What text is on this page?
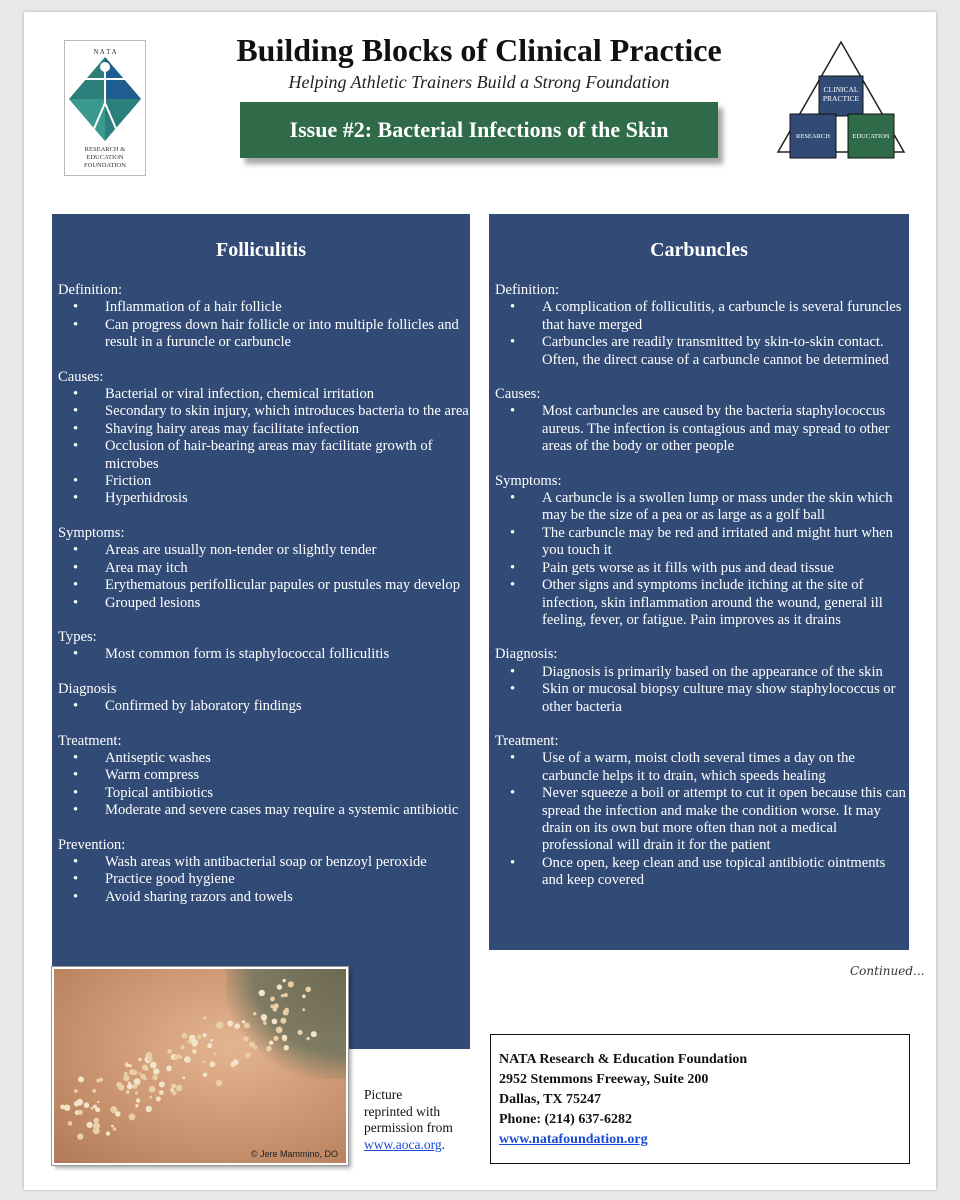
N A T A
RESEARCH &
EDUCATION
FOUNDATION
Building Blocks of Clinical Practice
Helping Athletic Trainers Build a Strong Foundation
Issue #2: Bacterial Infections of the Skin
CLINICAL
PRACTICE
RESEARCH	EDUCATION
Folliculitis
Definition:
• Inflammation of a hair follicle
• Can progress down hair follicle or into multiple follicles and result in a furuncle or carbuncle
Causes:
• Bacterial or viral infection, chemical irritation
• Secondary to skin injury, which introduces bacteria to the area
• Shaving hairy areas may facilitate infection
• Occlusion of hair-bearing areas may facilitate growth of microbes
• Friction
• Hyperhidrosis
Symptoms:
• Areas are usually non-tender or slightly tender
• Area may itch
• Erythematous perifollicular papules or pustules may develop
• Grouped lesions
Types:
• Most common form is staphylococcal folliculitis
Diagnosis
• Confirmed by laboratory findings
Treatment:
• Antiseptic washes
• Warm compress
• Topical antibiotics
• Moderate and severe cases may require a systemic antibiotic
Prevention:
• Wash areas with antibacterial soap or benzoyl peroxide
• Practice good hygiene
• Avoid sharing razors and towels
Carbuncles
Definition:
• A complication of folliculitis, a carbuncle is several furuncles that have merged
• Carbuncles are readily transmitted by skin-to-skin contact. Often, the direct cause of a carbuncle cannot be determined
Causes:
• Most carbuncles are caused by the bacteria staphylococcus aureus. The infection is contagious and may spread to other areas of the body or other people
Symptoms:
• A carbuncle is a swollen lump or mass under the skin which may be the size of a pea or as large as a golf ball
• The carbuncle may be red and irritated and might hurt when you touch it
• Pain gets worse as it fills with pus and dead tissue
• Other signs and symptoms include itching at the site of infection, skin inflammation around the wound, general ill feeling, fever, or fatigue. Pain improves as it drains
Diagnosis:
• Diagnosis is primarily based on the appearance of the skin
• Skin or mucosal biopsy culture may show staphylococcus or other bacteria
Treatment:
• Use of a warm, moist cloth several times a day on the carbuncle helps it to drain, which speeds healing
• Never squeeze a boil or attempt to cut it open because this can spread the infection and make the condition worse. It may drain on its own but more often than not a medical professional will drain it for the patient
• Once open, keep clean and use topical antibiotic ointments and keep covered
© Jere Mammino, DO
Picture
reprinted with
permission from
www.aoca.org.
Continued...
NATA Research & Education Foundation
2952 Stemmons Freeway, Suite 200
Dallas, TX 75247
Phone: (214) 637-6282
www.natafoundation.org
